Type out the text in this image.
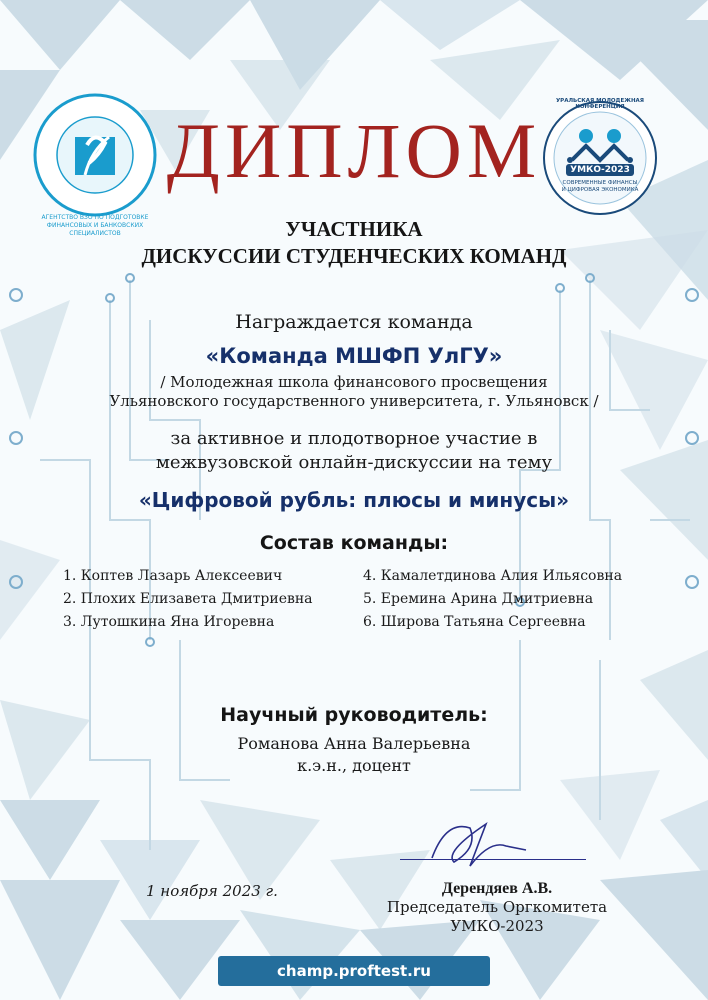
АГЕНТСТВО ВЗО ПО ПОДГОТОВКЕ ФИНАНСОВЫХ И БАНКОВСКИХ СПЕЦИАЛИСТОВ
УРАЛЬСКАЯ МОЛОДЕЖНАЯ КОНФЕРЕНЦИЯ
УМКО-2023
СОВРЕМЕННЫЕ ФИНАНСЫ
И ЦИФРОВАЯ ЭКОНОМИКА
ДИПЛОМ
УЧАСТНИКА
ДИСКУССИИ СТУДЕНЧЕСКИХ КОМАНД
Награждается команда
«Команда МШФП УлГУ»
/ Молодежная школа финансового просвещения
Ульяновского государственного университета, г. Ульяновск /
за активное и плодотворное участие в
межвузовской онлайн-дискуссии на тему
«Цифровой рубль: плюсы и минусы»
Состав команды:
1. Коптев Лазарь Алексеевич
2. Плохих Елизавета Дмитриевна
3. Лутошкина Яна Игоревна
4. Камалетдинова Алия Ильясовна
5. Еремина Арина Дмитриевна
6. Широва Татьяна Сергеевна
Научный руководитель:
Романова Анна Валерьевна
к.э.н., доцент
1 ноября 2023 г.	Дерендяев А.В.
Председатель Оргкомитета
УМКО-2023
champ.proftest.ru
